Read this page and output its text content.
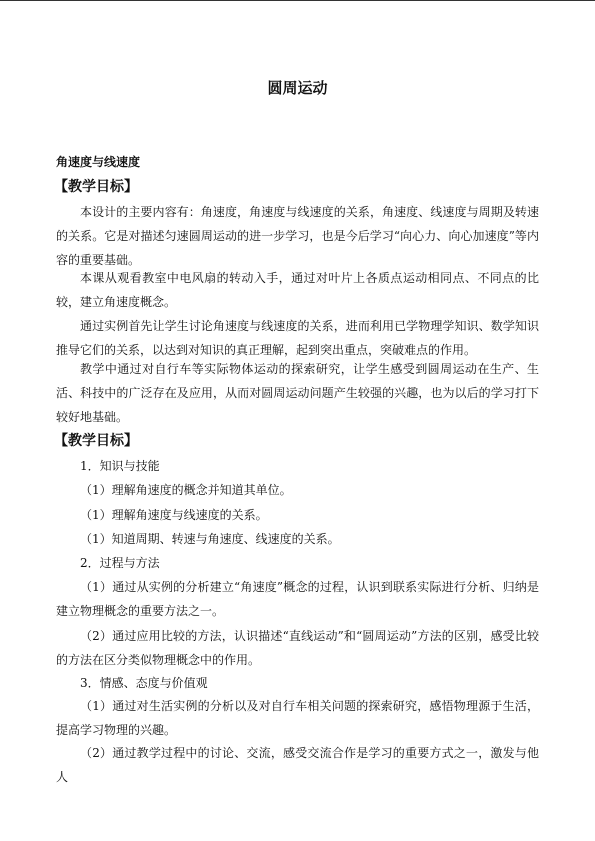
圆周运动
角速度与线速度
【教学目标】
本设计的主要内容有：角速度，角速度与线速度的关系，角速度、线速度与周期及转速的关系。它是对描述匀速圆周运动的进一步学习，也是今后学习“向心力、向心加速度”等内容的重要基础。
本课从观看教室中电风扇的转动入手，通过对叶片上各质点运动相同点、不同点的比较，建立角速度概念。
通过实例首先让学生讨论角速度与线速度的关系，进而利用已学物理学知识、数学知识推导它们的关系，以达到对知识的真正理解，起到突出重点，突破难点的作用。
教学中通过对自行车等实际物体运动的探索研究，让学生感受到圆周运动在生产、生活、科技中的广泛存在及应用，从而对圆周运动问题产生较强的兴趣，也为以后的学习打下较好地基础。
【教学目标】
1．知识与技能
（1）理解角速度的概念并知道其单位。
（1）理解角速度与线速度的关系。
（1）知道周期、转速与角速度、线速度的关系。
2．过程与方法
（1）通过从实例的分析建立“角速度”概念的过程，认识到联系实际进行分析、归纳是建立物理概念的重要方法之一。
（2）通过应用比较的方法，认识描述“直线运动”和“圆周运动”方法的区别，感受比较的方法在区分类似物理概念中的作用。
3．情感、态度与价值观
（1）通过对生活实例的分析以及对自行车相关问题的探索研究，感悟物理源于生活，提高学习物理的兴趣。
（2）通过教学过程中的讨论、交流，感受交流合作是学习的重要方式之一，激发与他人
